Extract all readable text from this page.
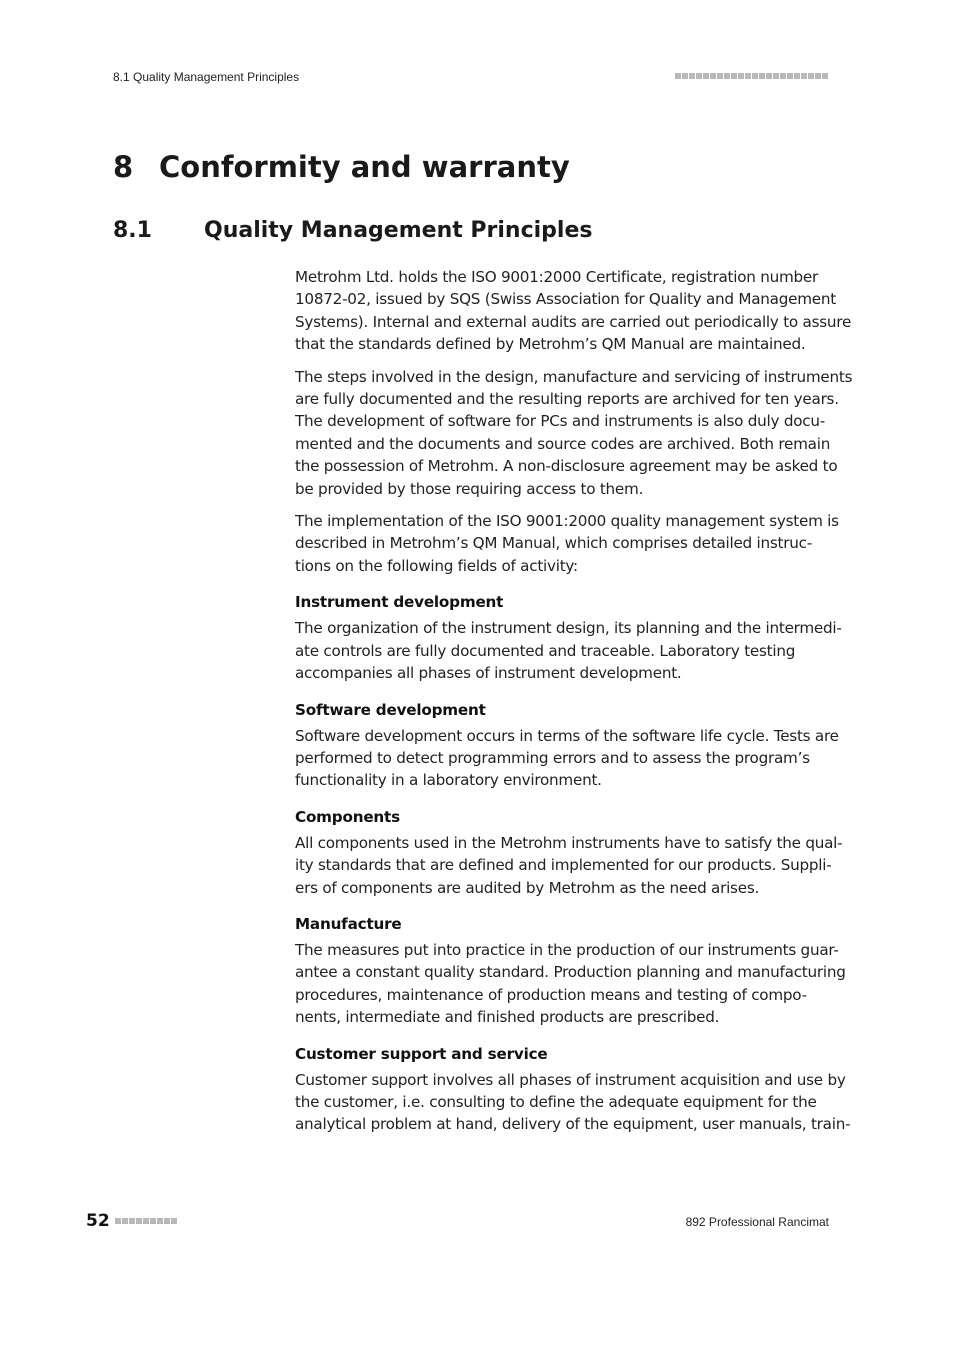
8.1 Quality Management Principles
8 Conformity and warranty
8.1 Quality Management Principles

Metrohm Ltd. holds the ISO 9001:2000 Certificate, registration number
10872-02, issued by SQS (Swiss Association for Quality and Management
Systems). Internal and external audits are carried out periodically to assure
that the standards defined by Metrohm’s QM Manual are maintained.

The steps involved in the design, manufacture and servicing of instruments
are fully documented and the resulting reports are archived for ten years.
The development of software for PCs and instruments is also duly docu-
mented and the documents and source codes are archived. Both remain
the possession of Metrohm. A non-disclosure agreement may be asked to
be provided by those requiring access to them.

The implementation of the ISO 9001:2000 quality management system is
described in Metrohm’s QM Manual, which comprises detailed instruc-
tions on the following fields of activity:

Instrument development

The organization of the instrument design, its planning and the intermedi-
ate controls are fully documented and traceable. Laboratory testing
accompanies all phases of instrument development.

Software development

Software development occurs in terms of the software life cycle. Tests are
performed to detect programming errors and to assess the program’s
functionality in a laboratory environment.

Components

All components used in the Metrohm instruments have to satisfy the qual-
ity standards that are defined and implemented for our products. Suppli-
ers of components are audited by Metrohm as the need arises.

Manufacture

The measures put into practice in the production of our instruments guar-
antee a constant quality standard. Production planning and manufacturing
procedures, maintenance of production means and testing of compo-
nents, intermediate and finished products are prescribed.

Customer support and service

Customer support involves all phases of instrument acquisition and use by
the customer, i.e. consulting to define the adequate equipment for the
analytical problem at hand, delivery of the equipment, user manuals, train-

52	892 Professional Rancimat
